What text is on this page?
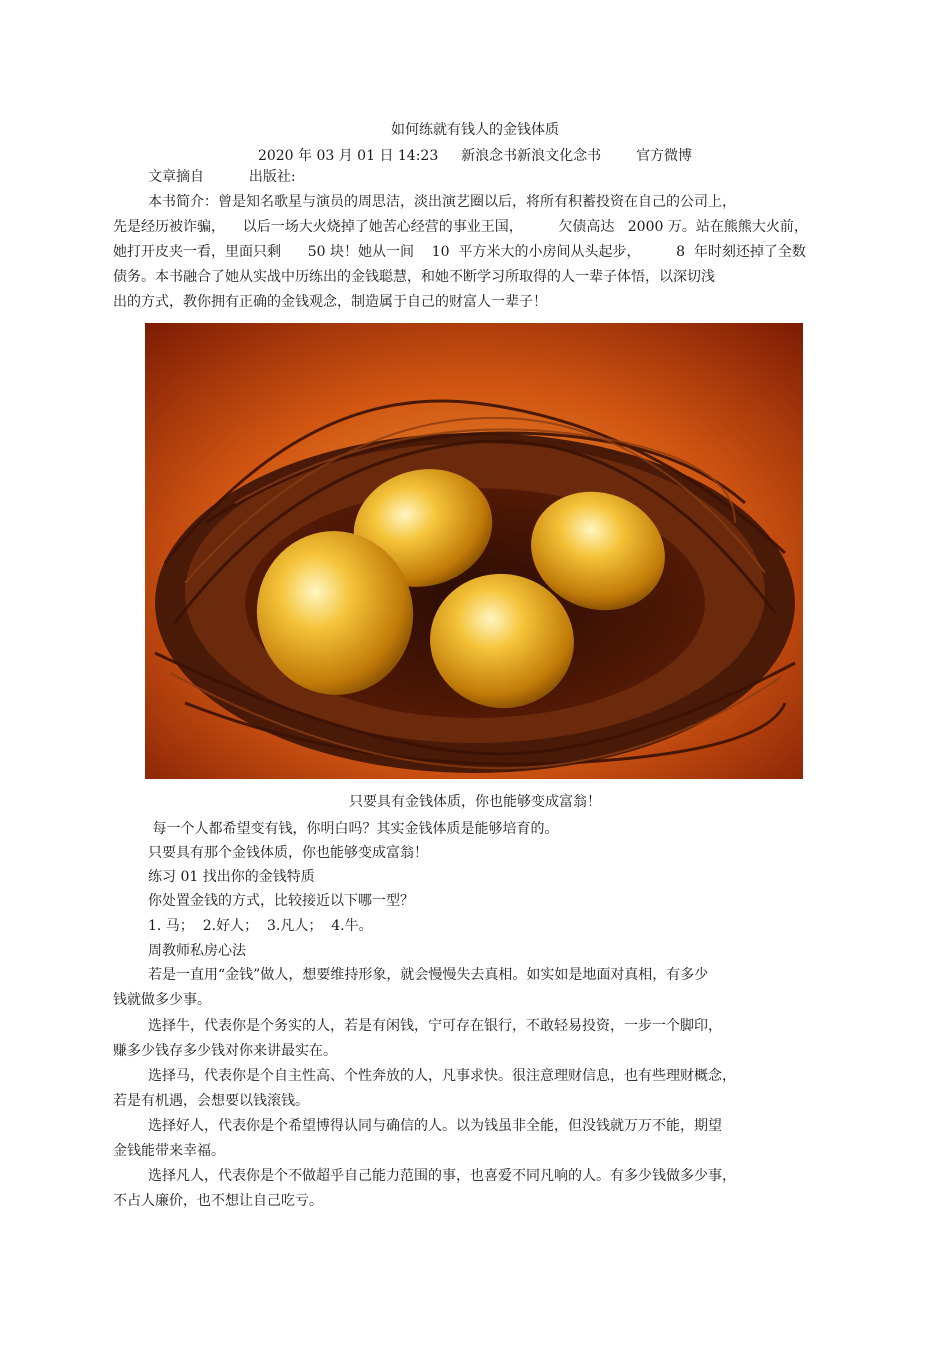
如何练就有钱人的金钱体质
2020 年 03 月 01 日 14:23 新浪念书新浪文化念书 官方微博
文章摘自	出版社:
本书简介：曾是知名歌星与演员的周思洁，淡出演艺圈以后，将所有积蓄投资在自己的公司上，
先是经历被诈骗，    以后一场大火烧掉了她苦心经营的事业王国，        欠债高达   2000 万。站在熊熊大火前，
她打开皮夹一看，里面只剩      50 块！她从一间    10  平方米大的小房间从头起步，        8  年时刻还掉了全数
债务。本书融合了她从实战中历练出的金钱聪慧，和她不断学习所取得的人一辈子体悟，以深切浅
出的方式，教你拥有正确的金钱观念，制造属于自己的财富人一辈子！
只要具有金钱体质，你也能够变成富翁！
每一个人都希望变有钱，你明白吗？其实金钱体质是能够培育的。
只要具有那个金钱体质，你也能够变成富翁！
练习 01 找出你的金钱特质
你处置金钱的方式，比较接近以下哪一型？
1. 马；  2.好人；  3.凡人；  4.牛。
周教师私房心法
若是一直用“金钱”做人，想要维持形象，就会慢慢失去真相。如实如是地面对真相，有多少
钱就做多少事。
选择牛，代表你是个务实的人，若是有闲钱，宁可存在银行，不敢轻易投资，一步一个脚印，
赚多少钱存多少钱对你来讲最实在。
选择马，代表你是个自主性高、个性奔放的人，凡事求快。很注意理财信息，也有些理财概念，
若是有机遇，会想要以钱滚钱。
选择好人，代表你是个希望博得认同与确信的人。以为钱虽非全能，但没钱就万万不能，期望
金钱能带来幸福。
选择凡人，代表你是个不做超乎自己能力范围的事，也喜爱不同凡响的人。有多少钱做多少事，
不占人廉价，也不想让自己吃亏。
